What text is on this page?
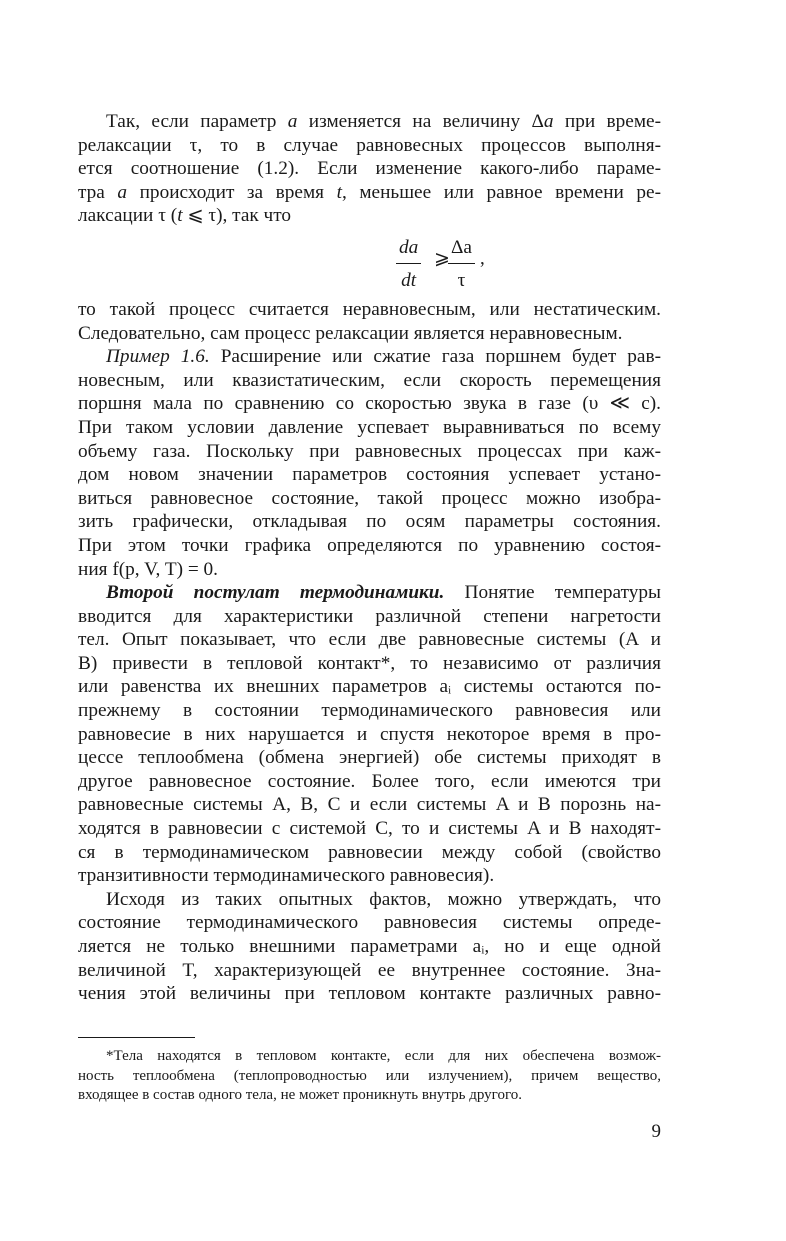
Так, если параметр a изменяется на величину Δa при време-

релаксации τ, то в случае равновесных процессов выполня-

ется соотношение (1.2). Если изменение какого-либо параме-

тра a происходит за время t, меньшее или равное времени ре-

лаксации τ (t ⩽ τ), так что

$\frac{da}{dt}$ ⩾
$\frac{\Delta a}{\tau}$ ,

то такой процесс считается неравновесным, или нестатическим.

Следовательно, сам процесс релаксации является неравновесным.

Пример 1.6. Расширение или сжатие газа поршнем будет рав-

новесным, или квазистатическим, если скорость перемещения

поршня мала по сравнению со скоростью звука в газе (υ ≪ c).

При таком условии давление успевает выравниваться по всему

объему газа. Поскольку при равновесных процессах при каж-

дом новом значении параметров состояния успевает устано-

виться равновесное состояние, такой процесс можно изобра-

зить графически, откладывая по осям параметры состояния.

При этом точки графика определяются по уравнению состоя-

ния f(p, V, T) = 0.

Второй постулат термодинамики. Понятие температуры

вводится для характеристики различной степени нагретости

тел. Опыт показывает, что если две равновесные системы (A и

B) привести в тепловой контакт*, то независимо от различия

или равенства их внешних параметров aᵢ системы остаются по-

прежнему в состоянии термодинамического равновесия или

равновесие в них нарушается и спустя некоторое время в про-

цессе теплообмена (обмена энергией) обе системы приходят в

другое равновесное состояние. Более того, если имеются три

равновесные системы A, B, C и если системы A и B порознь на-

ходятся в равновесии с системой C, то и системы A и B находят-

ся в термодинамическом равновесии между собой (свойство

транзитивности термодинамического равновесия).

Исходя из таких опытных фактов, можно утверждать, что

состояние термодинамического равновесия системы опреде-

ляется не только внешними параметрами aᵢ, но и еще одной

величиной T, характеризующей ее внутреннее состояние. Зна-

чения этой величины при тепловом контакте различных равно-

*Тела находятся в тепловом контакте, если для них обеспечена возмож-

ность теплообмена (теплопроводностью или излучением), причем вещество,

входящее в состав одного тела, не может проникнуть внутрь другого.

9
